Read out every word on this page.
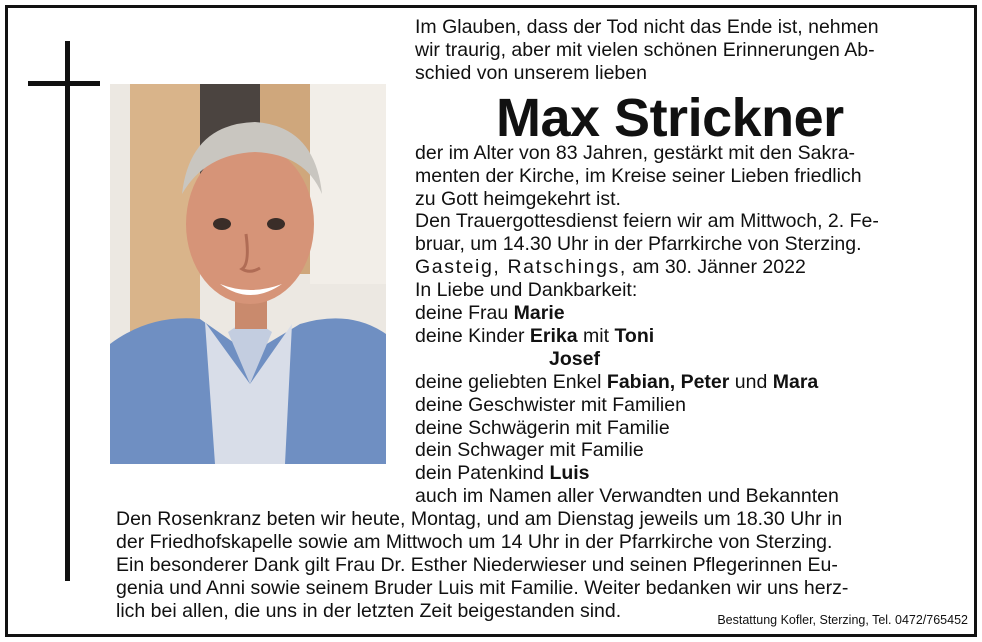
Im Glauben, dass der Tod nicht das Ende ist, nehmen
wir traurig, aber mit vielen schönen Erinnerungen Ab-
schied von unserem lieben
Max Strickner
der im Alter von 83 Jahren, gestärkt mit den Sakra-
menten der Kirche, im Kreise seiner Lieben friedlich
zu Gott heimgekehrt ist.
Den Trauergottesdienst feiern wir am Mittwoch, 2. Fe-
bruar, um 14.30 Uhr in der Pfarrkirche von Sterzing.
Gasteig, Ratschings, am 30. Jänner 2022
In Liebe und Dankbarkeit:
deine Frau Marie
deine Kinder Erika mit Toni
Josef
deine geliebten Enkel Fabian, Peter und Mara
deine Geschwister mit Familien
deine Schwägerin mit Familie
dein Schwager mit Familie
dein Patenkind Luis
auch im Namen aller Verwandten und Bekannten
Den Rosenkranz beten wir heute, Montag, und am Dienstag jeweils um 18.30 Uhr in
der Friedhofskapelle sowie am Mittwoch um 14 Uhr in der Pfarrkirche von Sterzing.
Ein besonderer Dank gilt Frau Dr. Esther Niederwieser und seinen Pflegerinnen Eu-
genia und Anni sowie seinem Bruder Luis mit Familie. Weiter bedanken wir uns herz-
lich bei allen, die uns in der letzten Zeit beigestanden sind.	Bestattung Kofler, Sterzing, Tel. 0472/765452
